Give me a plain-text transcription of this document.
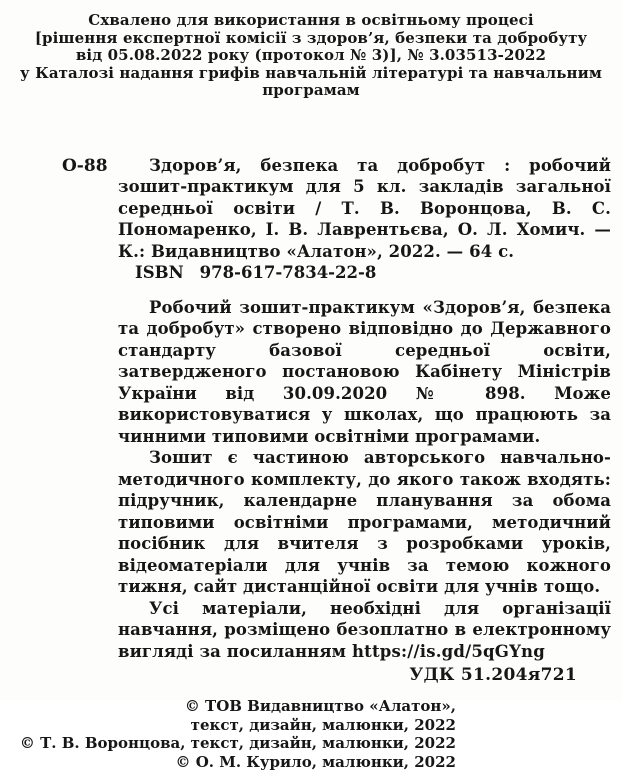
Схвалено для використання в освітньому процесі
[рішення експертної комісії з здоров’я, безпеки та добробуту
від 05.08.2022 року (протокол № 3)], № 3.03513-2022
у Каталозі надання грифів навчальній літературі та навчальним програмам
О-88	Здоров’я, безпека та добробут : робочий зошит-практикум для 5 кл. закладів загальної середньої освіти / Т. В. Воронцова, В. С. Пономаренко, І. В. Лаврентьєва, О. Л. Хомич. — К.: Видавництво «Алатон», 2022. — 64 с.

ISBN 978-617-7834-22-8

Робочий зошит-практикум «Здоров’я, безпека та добробут» створено відповідно до Державного стандарту базової середньої освіти, затвердженого постановою Кабінету Міністрів України від 30.09.2020 № 898. Може використовуватися у школах, що працюють за чинними типовими освітніми програмами.

Зошит є частиною авторського навчально-методичного комплекту, до якого також входять: підручник, календарне планування за обома типовими освітніми програмами, методичний посібник для вчителя з розробками уроків, відеоматеріали для учнів за темою кожного тижня, сайт дистанційної освіти для учнів тощо.

Усі матеріали, необхідні для організації навчання, розміщено безоплатно в електронному вигляді за посиланням https://is.gd/5qGYng

УДК 51.204я721
© ТОВ Видавництво «Алатон»,
текст, дизайн, малюнки, 2022
© Т. В. Воронцова, текст, дизайн, малюнки, 2022
© О. М. Курило, малюнки, 2022
